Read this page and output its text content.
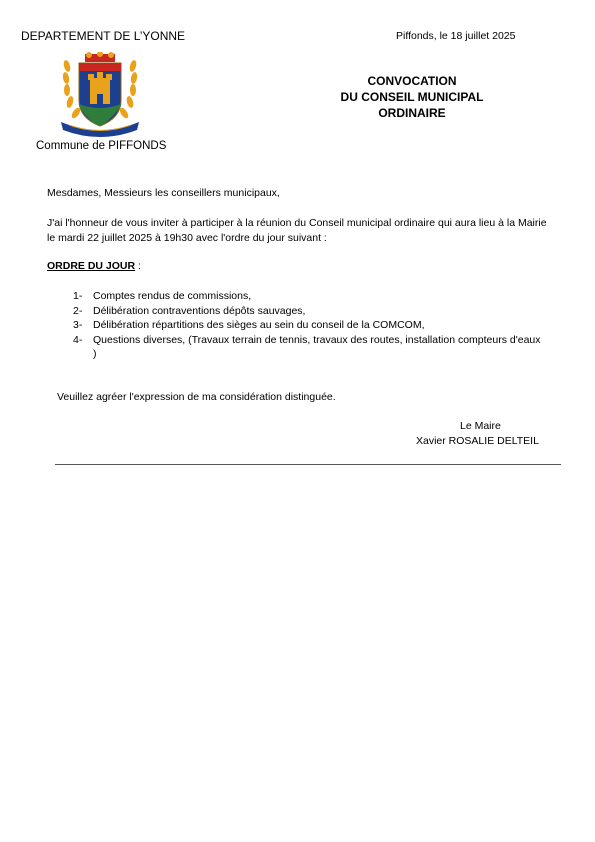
DEPARTEMENT DE L’YONNE	Piffonds, le 18 juillet 2025
Commune de PIFFONDS
CONVOCATION
DU CONSEIL MUNICIPAL
ORDINAIRE
Mesdames, Messieurs les conseillers municipaux,
J'ai l'honneur de vous inviter à participer à la réunion du Conseil municipal ordinaire qui aura lieu à la Mairie le mardi 22 juillet 2025 à 19h30 avec l'ordre du jour suivant :
ORDRE DU JOUR :
1-	Comptes rendus de commissions,
2-	Délibération contraventions dépôts sauvages,
3-	Délibération répartitions des sièges au sein du conseil de la COMCOM,
4-	Questions diverses, (Travaux terrain de tennis, travaux des routes, installation compteurs d'eaux )
Veuillez agréer l'expression de ma considération distinguée.
Le Maire
Xavier ROSALIE DELTEIL
